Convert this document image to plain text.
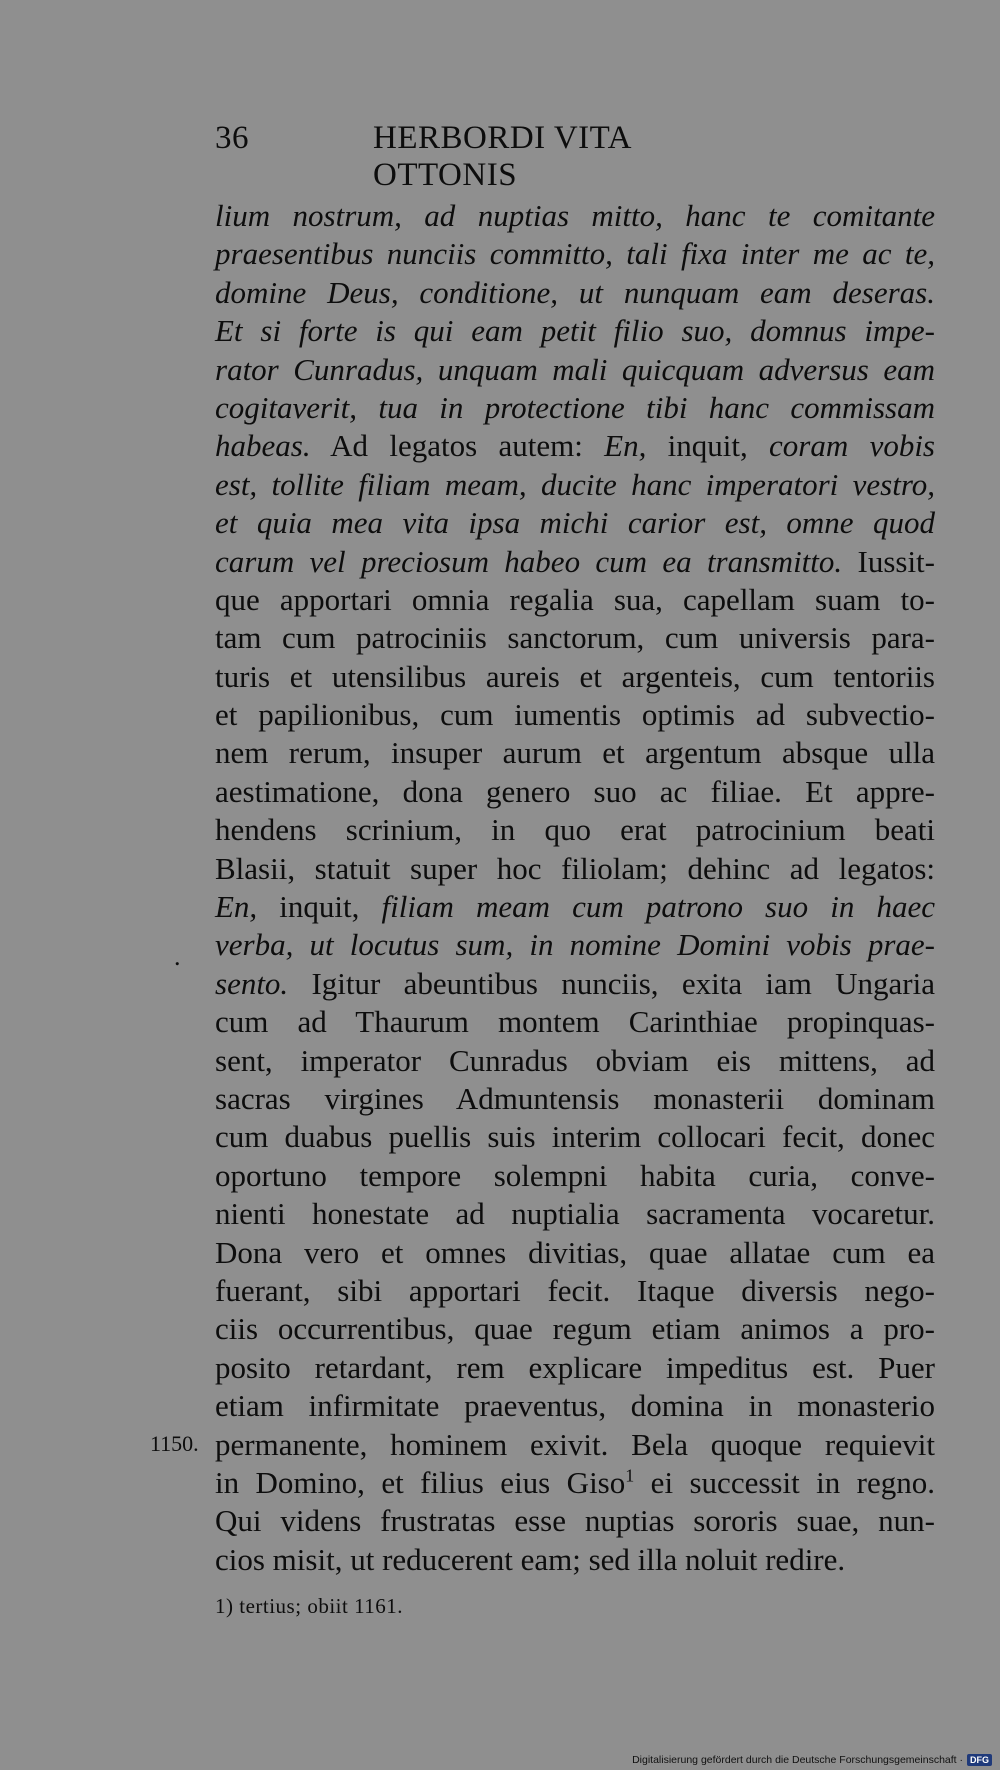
36	HERBORDI VITA OTTONIS
lium nostrum, ad nuptias mitto, hanc te comitante
praesentibus nunciis committo, tali fixa inter me ac te,
domine Deus, conditione, ut nunquam eam deseras.
Et si forte is qui eam petit filio suo, domnus impe-
rator Cunradus, unquam mali quicquam adversus eam
cogitaverit, tua in protectione tibi hanc commissam
habeas. Ad legatos autem: En, inquit, coram vobis
est, tollite filiam meam, ducite hanc imperatori vestro,
et quia mea vita ipsa michi carior est, omne quod
carum vel preciosum habeo cum ea transmitto. Iussit-
que apportari omnia regalia sua, capellam suam to-
tam cum patrociniis sanctorum, cum universis para-
turis et utensilibus aureis et argenteis, cum tentoriis
et papilionibus, cum iumentis optimis ad subvectio-
nem rerum, insuper aurum et argentum absque ulla
aestimatione, dona genero suo ac filiae. Et appre-
hendens scrinium, in quo erat patrocinium beati
Blasii, statuit super hoc filiolam; dehinc ad legatos:
En, inquit, filiam meam cum patrono suo in haec
verba, ut locutus sum, in nomine Domini vobis prae-
sento. Igitur abeuntibus nunciis, exita iam Ungaria
cum ad Thaurum montem Carinthiae propinquas-
sent, imperator Cunradus obviam eis mittens, ad
sacras virgines Admuntensis monasterii dominam
cum duabus puellis suis interim collocari fecit, donec
oportuno tempore solempni habita curia, conve-
nienti honestate ad nuptialia sacramenta vocaretur.
Dona vero et omnes divitias, quae allatae cum ea
fuerant, sibi apportari fecit. Itaque diversis nego-
ciis occurrentibus, quae regum etiam animos a pro-
posito retardant, rem explicare impeditus est. Puer
etiam infirmitate praeventus, domina in monasterio
permanente, hominem exivit. Bela quoque requievit
in Domino, et filius eius Giso$^1$ ei successit in regno.
Qui videns frustratas esse nuptias sororis suae, nun-
cios misit, ut reducerent eam; sed illa noluit redire.
.
1150.
1) tertius; obiit 1161.
Digitalisierung gefördert durch die Deutsche Forschungsgemeinschaft · DFG
